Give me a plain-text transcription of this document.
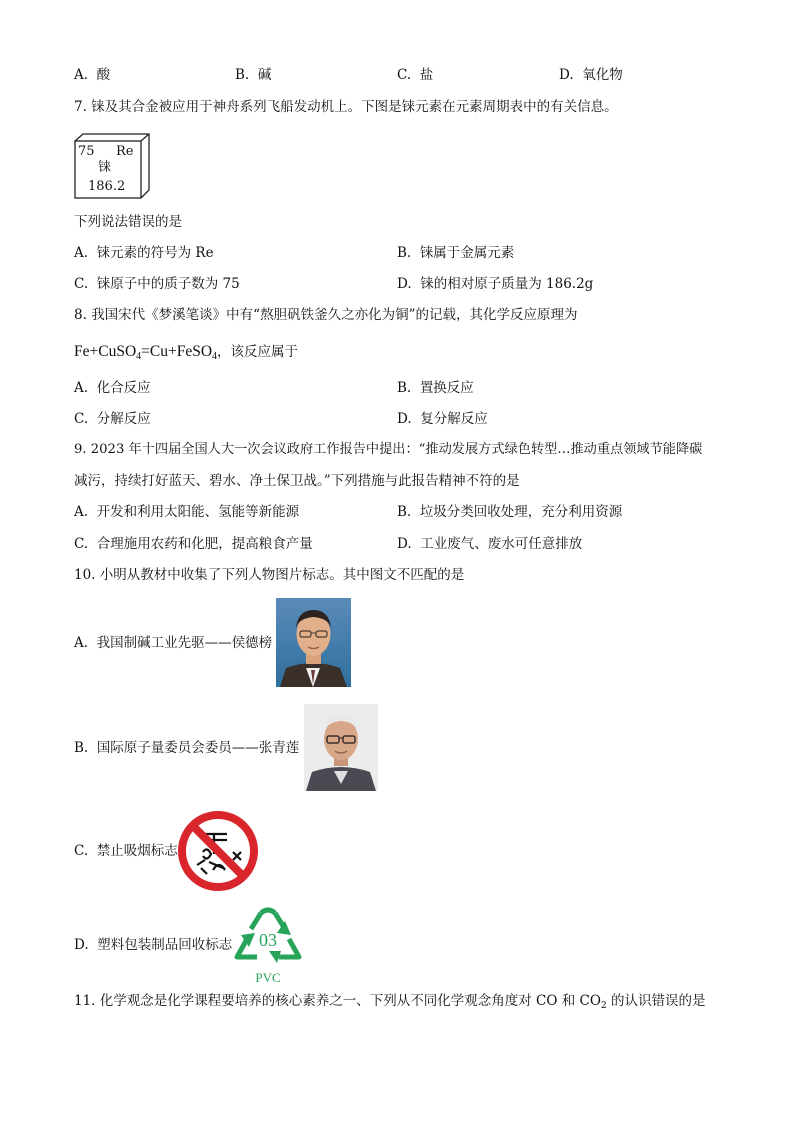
A. 酸	B. 碱	C. 盐	D. 氧化物
7. 铼及其合金被应用于神舟系列飞船发动机上。下图是铼元素在元素周期表中的有关信息。
75 Re
铼
186.2
下列说法错误的是
A. 铼元素的符号为 Re	B. 铼属于金属元素
C. 铼原子中的质子数为 75	D. 铼的相对原子质量为 186.2g
8. 我国宋代《梦溪笔谈》中有“熬胆矾铁釜久之亦化为铜”的记载，其化学反应原理为
Fe+CuSO$_4$=Cu+FeSO$_4$，该反应属于
A. 化合反应	B. 置换反应
C. 分解反应	D. 复分解反应
9. 2023 年十四届全国人大一次会议政府工作报告中提出：“推动发展方式绿色转型…推动重点领域节能降碳
减污，持续打好蓝天、碧水、净土保卫战。”下列措施与此报告精神不符的是
A. 开发和利用太阳能、氢能等新能源	B. 垃圾分类回收处理，充分利用资源
C. 合理施用农药和化肥，提高粮食产量	D. 工业废气、废水可任意排放
10. 小明从教材中收集了下列人物图片标志。其中图文不匹配的是
A. 我国制碱工业先驱——侯德榜
B. 国际原子量委员会委员——张青莲
C. 禁止吸烟标志
D. 塑料包装制品回收标志	03
PVC
11. 化学观念是化学课程要培养的核心素养之一、下列从不同化学观念角度对 CO 和 $CO_2$ 的认识错误的是
